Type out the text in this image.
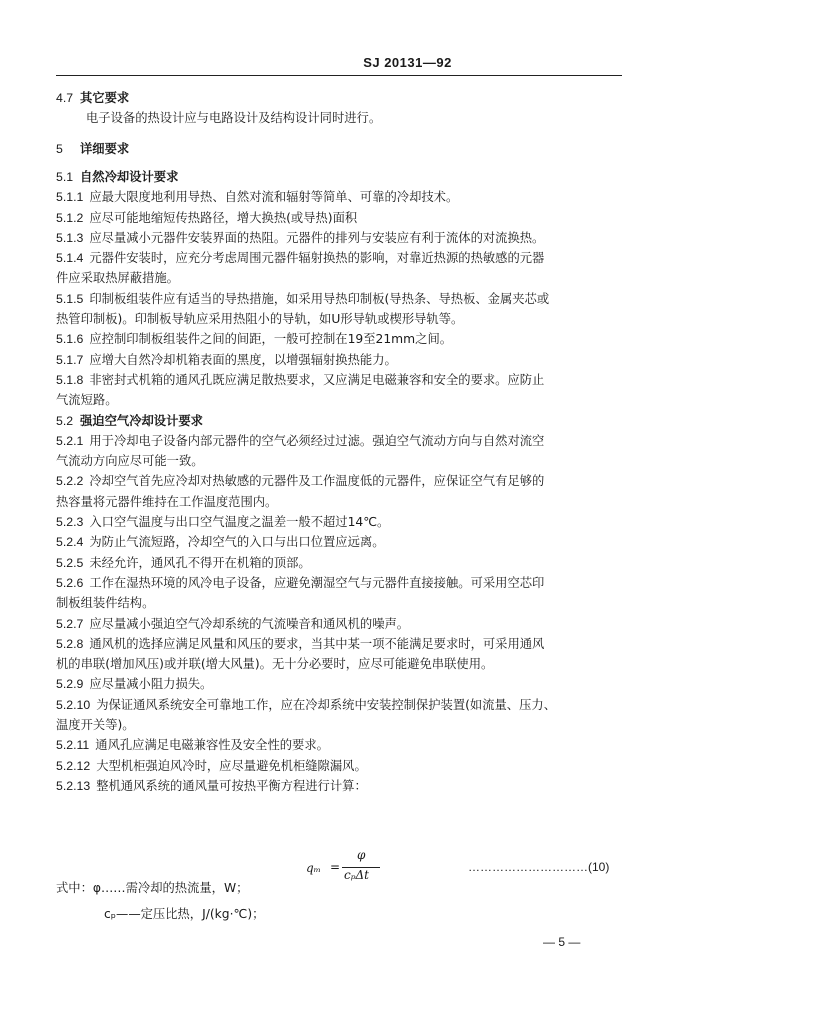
SJ 20131—92
4.7 其它要求
电子设备的热设计应与电路设计及结构设计同时进行。
5 详细要求
5.1 自然冷却设计要求
5.1.1 应最大限度地利用导热、自然对流和辐射等简单、可靠的冷却技术。
5.1.2 应尽可能地缩短传热路径，增大换热(或导热)面积
5.1.3 应尽量减小元器件安装界面的热阻。元器件的排列与安装应有利于流体的对流换热。
5.1.4 元器件安装时，应充分考虑周围元器件辐射换热的影响，对靠近热源的热敏感的元器
件应采取热屏蔽措施。
5.1.5 印制板组装件应有适当的导热措施，如采用导热印制板(导热条、导热板、金属夹芯或
热管印制板)。印制板导轨应采用热阻小的导轨，如U形导轨或楔形导轨等。
5.1.6 应控制印制板组装件之间的间距，一般可控制在19至21mm之间。
5.1.7 应增大自然冷却机箱表面的黑度，以增强辐射换热能力。
5.1.8 非密封式机箱的通风孔既应满足散热要求，又应满足电磁兼容和安全的要求。应防止
气流短路。
5.2 强迫空气冷却设计要求
5.2.1 用于冷却电子设备内部元器件的空气必须经过过滤。强迫空气流动方向与自然对流空
气流动方向应尽可能一致。
5.2.2 冷却空气首先应冷却对热敏感的元器件及工作温度低的元器件，应保证空气有足够的
热容量将元器件维持在工作温度范围内。
5.2.3 入口空气温度与出口空气温度之温差一般不超过14℃。
5.2.4 为防止气流短路，冷却空气的入口与出口位置应远离。
5.2.5 未经允许，通风孔不得开在机箱的顶部。
5.2.6 工作在湿热环境的风冷电子设备，应避免潮湿空气与元器件直接接触。可采用空芯印
制板组装件结构。
5.2.7 应尽量减小强迫空气冷却系统的气流噪音和通风机的噪声。
5.2.8 通风机的选择应满足风量和风压的要求，当其中某一项不能满足要求时，可采用通风
机的串联(增加风压)或并联(增大风量)。无十分必要时，应尽可能避免串联使用。
5.2.9 应尽量减小阻力损失。
5.2.10 为保证通风系统安全可靠地工作，应在冷却系统中安装控制保护装置(如流量、压力、
温度开关等)。
5.2.11 通风孔应满足电磁兼容性及安全性的要求。
5.2.12 大型机柜强迫风冷时，应尽量避免机柜缝隙漏风。
5.2.13 整机通风系统的通风量可按热平衡方程进行计算：
qₘ =
φ
cₚΔt
…………………………(10)
式中：φ……需冷却的热流量，W；
cₚ——定压比热，J/(kg·℃)；
— 5 —
